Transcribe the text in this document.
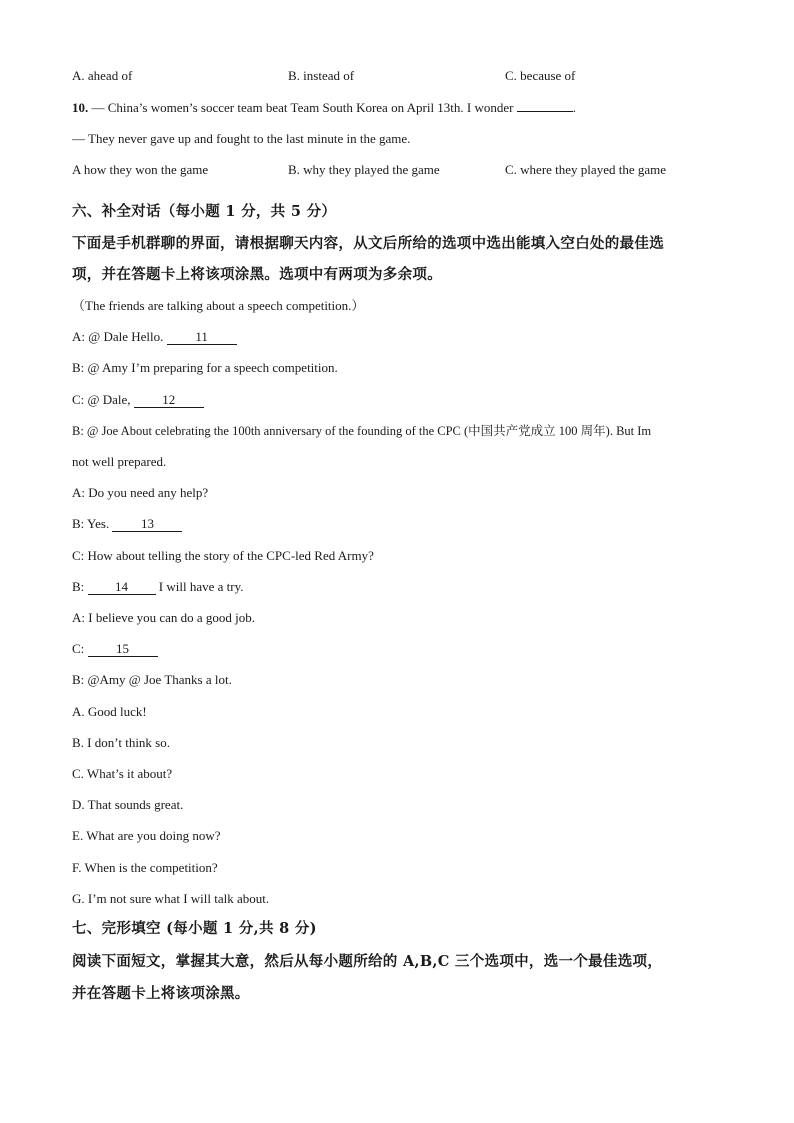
A. ahead of	B. instead of	C. because of
10. — China’s women’s soccer team beat Team South Korea on April 13th. I wonder	.
— They never gave up and fought to the last minute in the game.
A how they won the game	B. why they played the game	C. where they played the game
六、补全对话（每小题 1 分，共 5 分）
下面是手机群聊的界面，请根据聊天内容，从文后所给的选项中选出能填入空白处的最佳选
项，并在答题卡上将该项涂黑。选项中有两项为多余项。
（The friends are talking about a speech competition.）
A: @ Dale Hello. 11
B: @ Amy I’m preparing for a speech competition.
C: @ Dale, 12
B: @ Joe About celebrating the 100th anniversary of the founding of the CPC (中国共产党成立 100 周年). But Im
not well prepared.
A: Do you need any help?
B: Yes. 13
C: How about telling the story of the CPC-led Red Army?
B: 14 I will have a try.
A: I believe you can do a good job.
C: 15
B: @Amy @ Joe Thanks a lot.
A. Good luck!
B. I don’t think so.
C. What’s it about?
D. That sounds great.
E. What are you doing now?
F. When is the competition?
G. I’m not sure what I will talk about.
七、完形填空 (每小题 1 分,共 8 分)
阅读下面短文，掌握其大意，然后从每小题所给的 A,B,C 三个选项中，选一个最佳选项，
并在答题卡上将该项涂黑。
